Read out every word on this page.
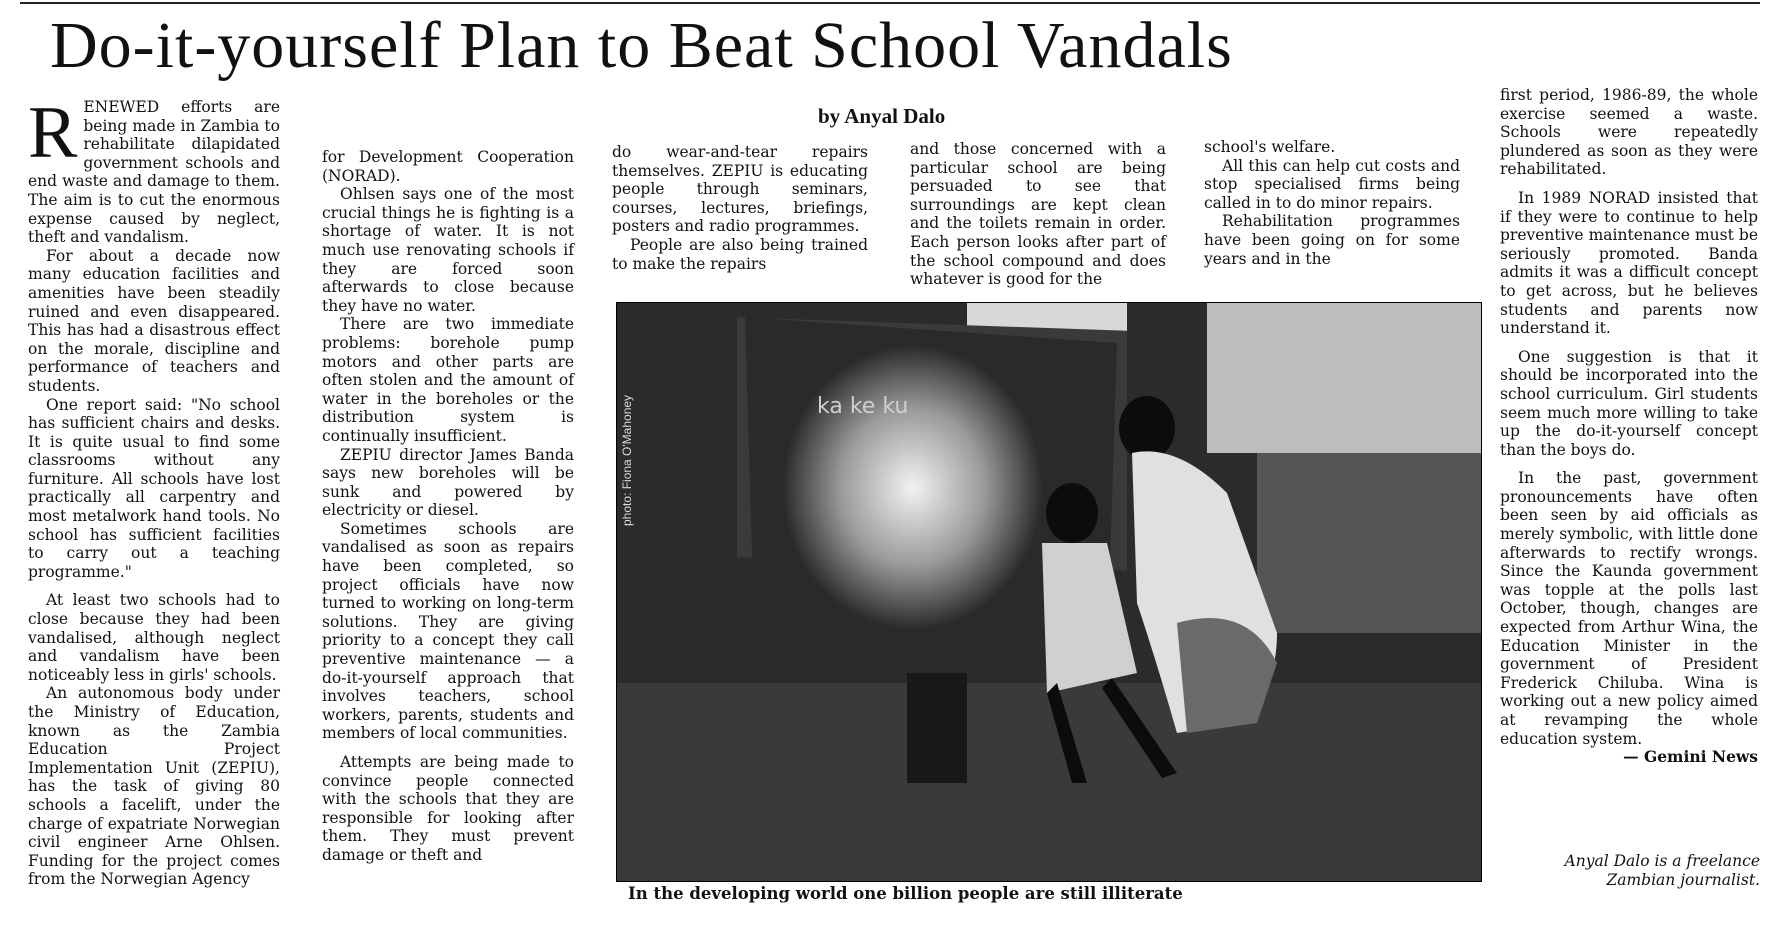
Do-it-yourself Plan to Beat School Vandals
by Anyal Dalo
R ENEWED efforts are being made in Zambia to rehabilitate dilapidated government schools and end waste and damage to them. The aim is to cut the enormous expense caused by neglect, theft and vandalism.

For about a decade now many education facilities and amenities have been steadily ruined and even disappeared. This has had a disastrous effect on the morale, discipline and performance of teachers and students.

One report said: "No school has sufficient chairs and desks. It is quite usual to find some classrooms without any furniture. All schools have lost practically all carpentry and most metalwork hand tools. No school has sufficient facilities to carry out a teaching programme."

At least two schools had to close because they had been vandalised, although neglect and vandalism have been noticeably less in girls' schools.

An autonomous body under the Ministry of Education, known as the Zambia Education Project Implementation Unit (ZEPIU), has the task of giving 80 schools a facelift, under the charge of expatriate Norwegian civil engineer Arne Ohlsen. Funding for the project comes from the Norwegian Agency

for Development Cooperation (NORAD).

Ohlsen says one of the most crucial things he is fighting is a shortage of water. It is not much use renovating schools if they are forced soon afterwards to close because they have no water.

There are two immediate problems: borehole pump motors and other parts are often stolen and the amount of water in the boreholes or the distribution system is continually insufficient.

ZEPIU director James Banda says new boreholes will be sunk and powered by electricity or diesel.

Sometimes schools are vandalised as soon as repairs have been completed, so project officials have now turned to working on long-term solutions. They are giving priority to a concept they call preventive maintenance — a do-it-yourself approach that involves teachers, school workers, parents, students and members of local communities.

Attempts are being made to convince people connected with the schools that they are responsible for looking after them. They must prevent damage or theft and

do wear-and-tear repairs themselves. ZEPIU is educating people through seminars, courses, lectures, briefings, posters and radio programmes.

People are also being trained to make the repairs

and those concerned with a particular school are being persuaded to see that surroundings are kept clean and the toilets remain in order. Each person looks after part of the school compound and does whatever is good for the

school's welfare.

All this can help cut costs and stop specialised firms being called in to do minor repairs.

Rehabilitation programmes have been going on for some years and in the

first period, 1986-89, the whole exercise seemed a waste. Schools were repeatedly plundered as soon as they were rehabilitated.

In 1989 NORAD insisted that if they were to continue to help preventive maintenance must be seriously promoted. Banda admits it was a difficult concept to get across, but he believes students and parents now understand it.

One suggestion is that it should be incorporated into the school curriculum. Girl students seem much more willing to take up the do-it-yourself concept than the boys do.

In the past, government pronouncements have often been seen by aid officials as merely symbolic, with little done afterwards to rectify wrongs. Since the Kaunda government was topple at the polls last October, though, changes are expected from Arthur Wina, the Education Minister in the government of President Frederick Chiluba. Wina is working out a new policy aimed at revamping the whole education system.

— Gemini News

Anyal Dalo is a freelance Zambian journalist.
ka ke ku
photo: Fiona O'Mahoney
In the developing world one billion people are still illiterate
